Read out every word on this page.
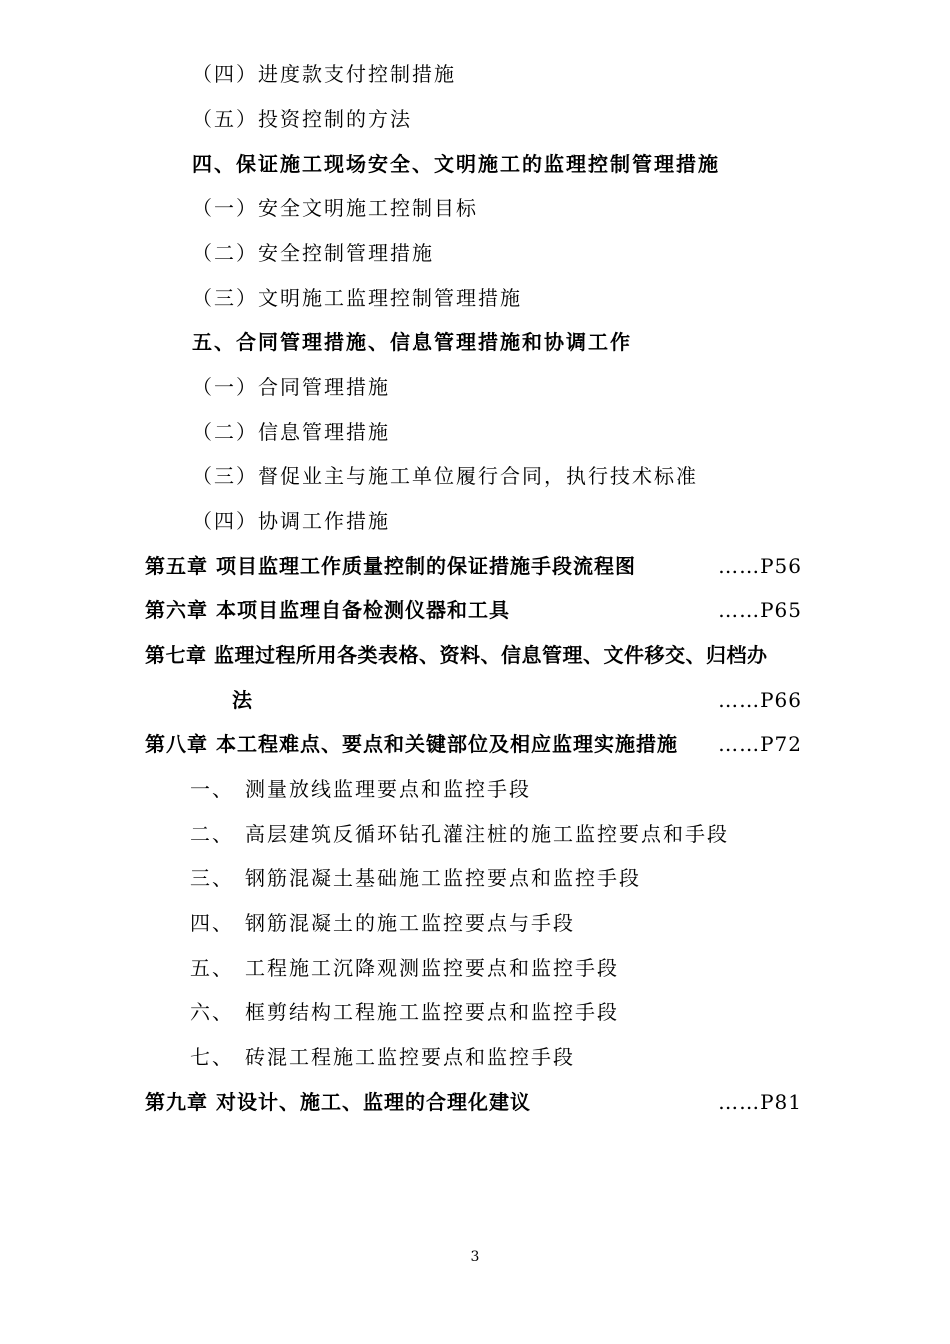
（四）进度款支付控制措施
（五）投资控制的方法
四、保证施工现场安全、文明施工的监理控制管理措施
（一）安全文明施工控制目标
（二）安全控制管理措施
（三）文明施工监理控制管理措施
五、合同管理措施、信息管理措施和协调工作
（一）合同管理措施
（二）信息管理措施
（三）督促业主与施工单位履行合同，执行技术标准
（四）协调工作措施
第五章 项目监理工作质量控制的保证措施手段流程图	……P56
第六章 本项目监理自备检测仪器和工具	……P65
第七章 监理过程所用各类表格、资料、信息管理、文件移交、归档办
法	……P66
第八章 本工程难点、要点和关键部位及相应监理实施措施 ……P72
一、 测量放线监理要点和监控手段
二、 高层建筑反循环钻孔灌注桩的施工监控要点和手段
三、 钢筋混凝土基础施工监控要点和监控手段
四、 钢筋混凝土的施工监控要点与手段
五、 工程施工沉降观测监控要点和监控手段
六、 框剪结构工程施工监控要点和监控手段
七、 砖混工程施工监控要点和监控手段
第九章 对设计、施工、监理的合理化建议	……P81
3
